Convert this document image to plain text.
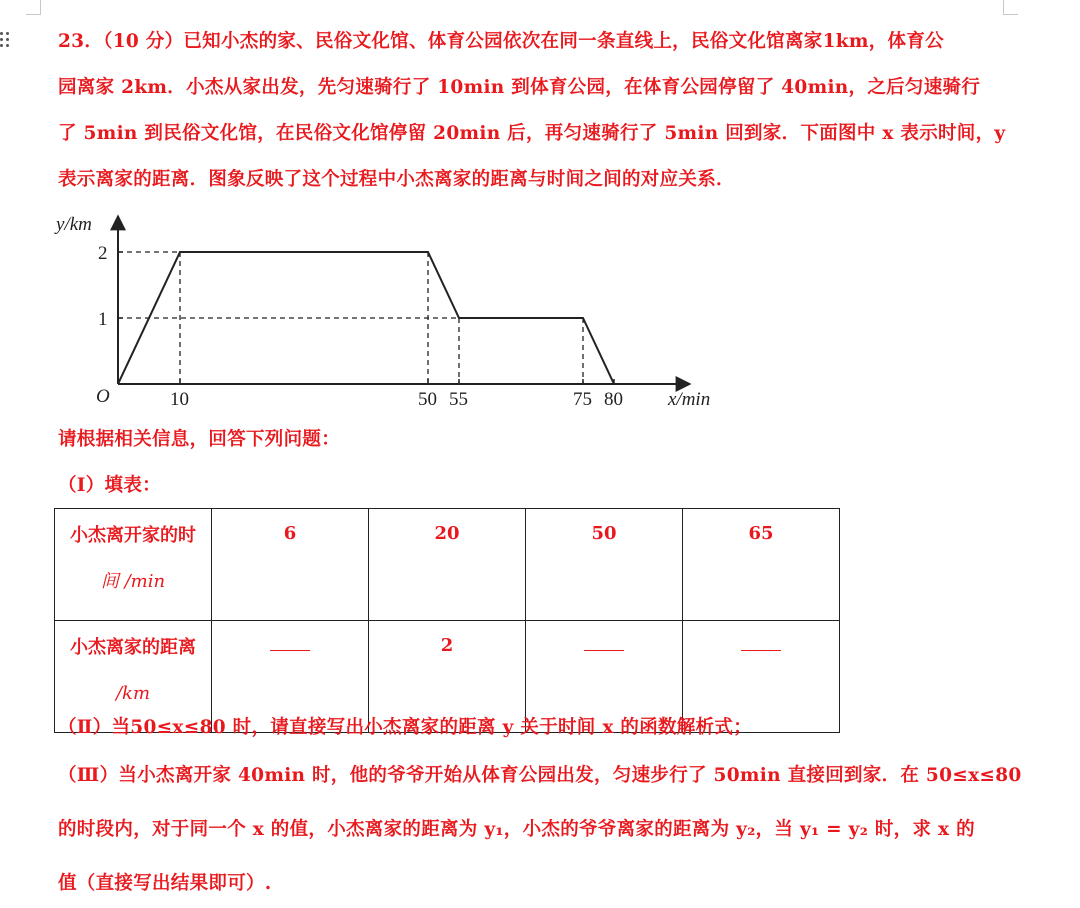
23．（10 分）已知小杰的家、民俗文化馆、体育公园依次在同一条直线上，民俗文化馆离家1km，体育公
园离家 2km．小杰从家出发，先匀速骑行了 10min 到体育公园，在体育公园停留了 40min，之后匀速骑行
了 5min 到民俗文化馆，在民俗文化馆停留 20min 后，再匀速骑行了 5min 回到家．下面图中 x 表示时间，y
表示离家的距离．图象反映了这个过程中小杰离家的距离与时间之间的对应关系．
y/km
x/min
O	10	50 55	75 80
1
2
请根据相关信息，回答下列问题：
（Ⅰ）填表：
小杰离开家的时
间 /min	6	20	50	65

小杰离家的距离
/km		2		
（Ⅱ）当50≤x≤80 时，请直接写出小杰离家的距离 y 关于时间 x 的函数解析式；
（Ⅲ）当小杰离开家 40min 时，他的爷爷开始从体育公园出发，匀速步行了 50min 直接回到家．在 50≤x≤80
的时段内，对于同一个 x 的值，小杰离家的距离为 y₁，小杰的爷爷离家的距离为 y₂，当 y₁ = y₂ 时，求 x 的
值（直接写出结果即可）.
